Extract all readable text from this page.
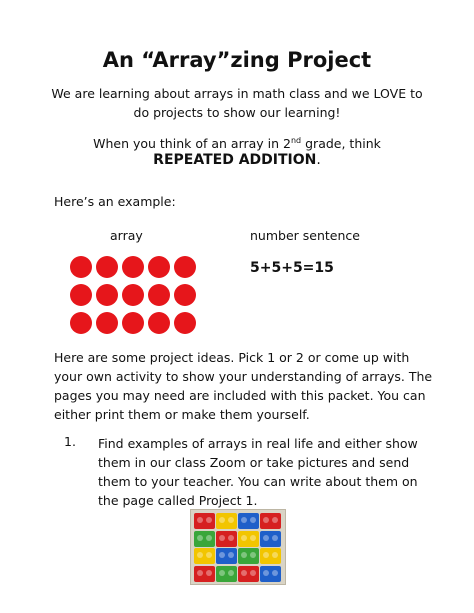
An “Array”zing Project
We are learning about arrays in math class and we LOVE to do projects to show our learning!
When you think of an array in 2nd grade, think
REPEATED ADDITION.
Here’s an example:
array	number sentence
5+5+5=15
Here are some project ideas. Pick 1 or 2 or come up with your own activity to show your understanding of arrays. The pages you may need are included with this packet. You can either print them or make them yourself.
1. Find examples of arrays in real life and either show them in our class Zoom or take pictures and send them to your teacher. You can write about them on the page called Project 1.
